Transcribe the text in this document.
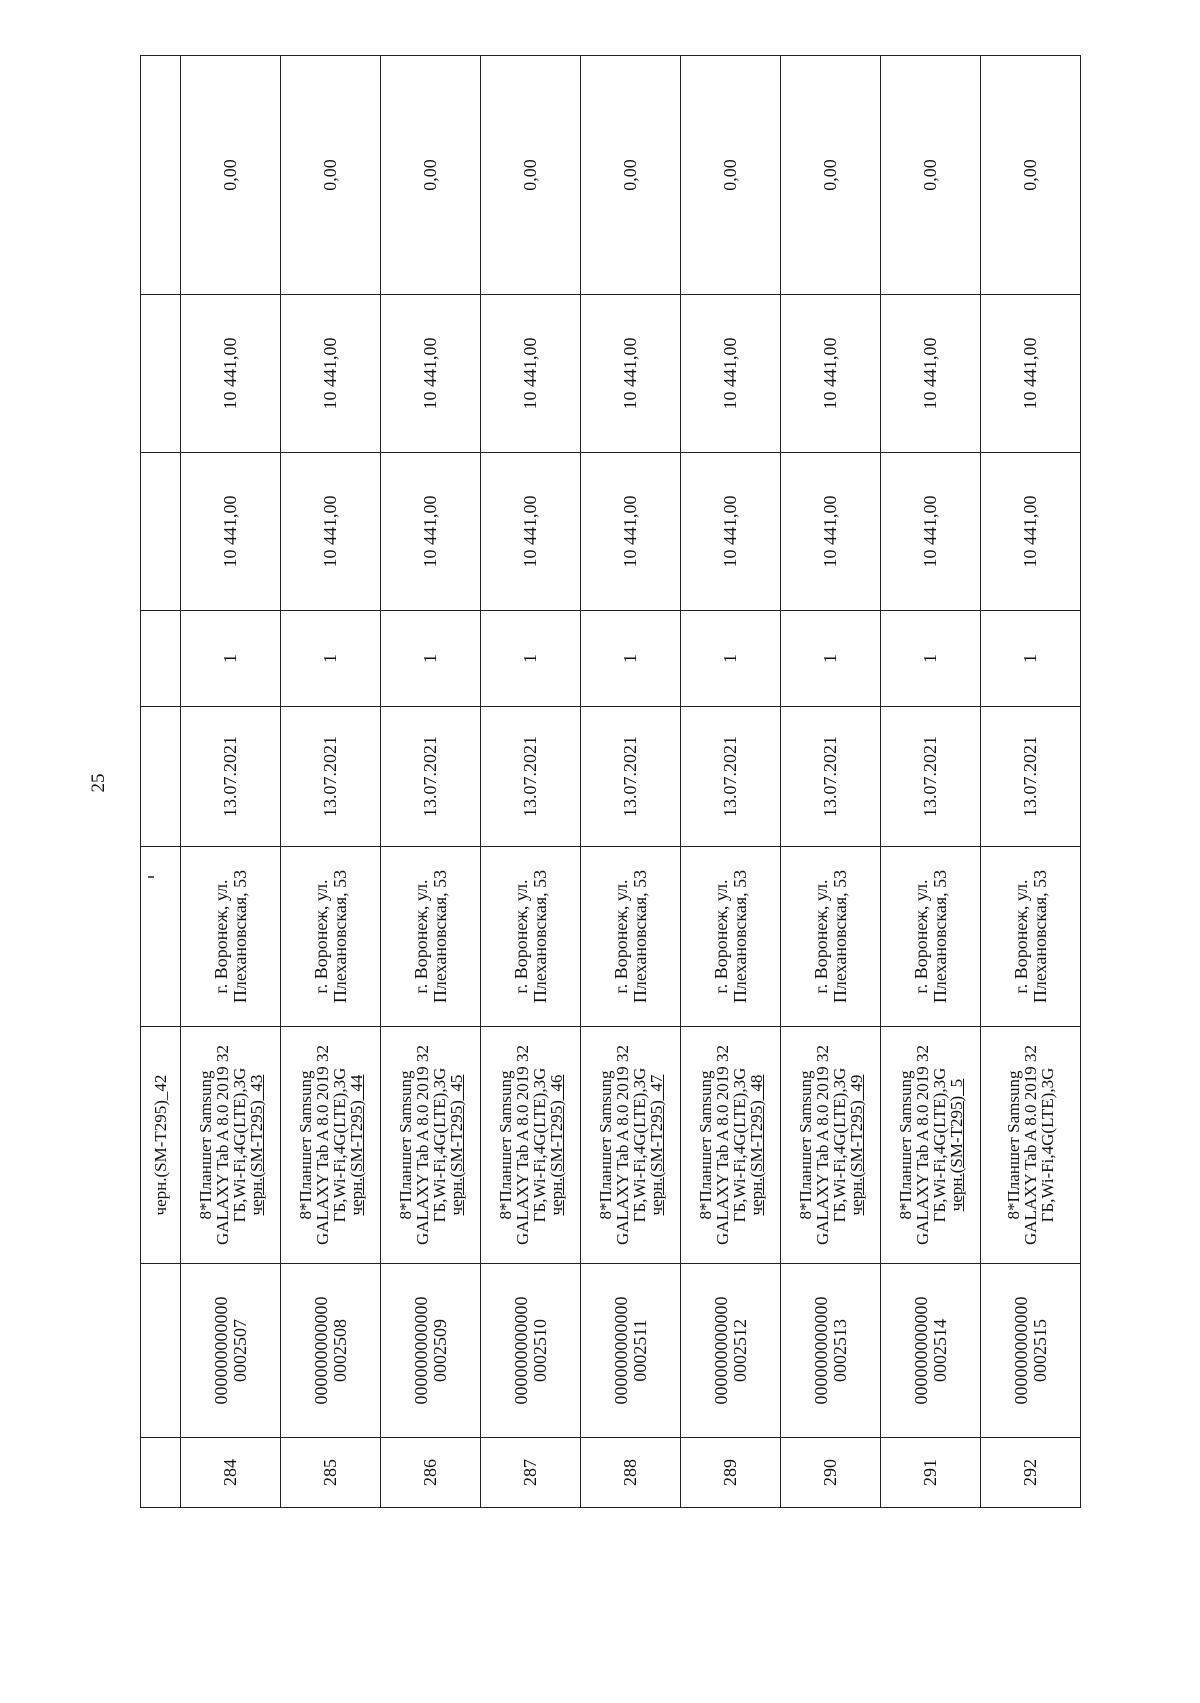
25
		черн.(SM-T295)_42						
284	000000000000
0002507	8*Планшет Samsung
GALAXY Tab A 8.0 2019 32
ГБ,Wi-Fi,4G(LTE),3G
черн.(SM-T295)_43	г. Воронеж, ул.
Плехановская, 53	13.07.2021	1	10 441,00	10 441,00	0,00
285	000000000000
0002508	8*Планшет Samsung
GALAXY Tab A 8.0 2019 32
ГБ,Wi-Fi,4G(LTE),3G
черн.(SM-T295)_44	г. Воронеж, ул.
Плехановская, 53	13.07.2021	1	10 441,00	10 441,00	0,00
286	000000000000
0002509	8*Планшет Samsung
GALAXY Tab A 8.0 2019 32
ГБ,Wi-Fi,4G(LTE),3G
черн.(SM-T295)_45	г. Воронеж, ул.
Плехановская, 53	13.07.2021	1	10 441,00	10 441,00	0,00
287	000000000000
0002510	8*Планшет Samsung
GALAXY Tab A 8.0 2019 32
ГБ,Wi-Fi,4G(LTE),3G
черн.(SM-T295)_46	г. Воронеж, ул.
Плехановская, 53	13.07.2021	1	10 441,00	10 441,00	0,00
288	000000000000
0002511	8*Планшет Samsung
GALAXY Tab A 8.0 2019 32
ГБ,Wi-Fi,4G(LTE),3G
черн.(SM-T295)_47	г. Воронеж, ул.
Плехановская, 53	13.07.2021	1	10 441,00	10 441,00	0,00
289	000000000000
0002512	8*Планшет Samsung
GALAXY Tab A 8.0 2019 32
ГБ,Wi-Fi,4G(LTE),3G
черн.(SM-T295)_48	г. Воронеж, ул.
Плехановская, 53	13.07.2021	1	10 441,00	10 441,00	0,00
290	000000000000
0002513	8*Планшет Samsung
GALAXY Tab A 8.0 2019 32
ГБ,Wi-Fi,4G(LTE),3G
черн.(SM-T295)_49	г. Воронеж, ул.
Плехановская, 53	13.07.2021	1	10 441,00	10 441,00	0,00
291	000000000000
0002514	8*Планшет Samsung
GALAXY Tab A 8.0 2019 32
ГБ,Wi-Fi,4G(LTE),3G
черн.(SM-T295)_5	г. Воронеж, ул.
Плехановская, 53	13.07.2021	1	10 441,00	10 441,00	0,00
292	000000000000
0002515	8*Планшет Samsung
GALAXY Tab A 8.0 2019 32
ГБ,Wi-Fi,4G(LTE),3G	г. Воронеж, ул.
Плехановская, 53	13.07.2021	1	10 441,00	10 441,00	0,00
